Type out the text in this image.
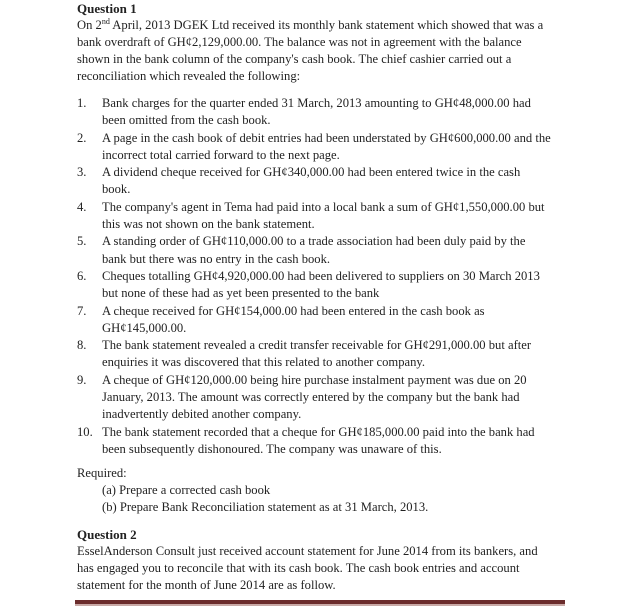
Question 1
On 2nd April, 2013 DGEK Ltd received its monthly bank statement which showed that was a
bank overdraft of GH¢2,129,000.00. The balance was not in agreement with the balance
shown in the bank column of the company's cash book. The chief cashier carried out a
reconciliation which revealed the following:
1. Bank charges for the quarter ended 31 March, 2013 amounting to GH¢48,000.00 had
been omitted from the cash book.
2. A page in the cash book of debit entries had been understated by GH¢600,000.00 and the
incorrect total carried forward to the next page.
3. A dividend cheque received for GH¢340,000.00 had been entered twice in the cash
book.
4. The company's agent in Tema had paid into a local bank a sum of GH¢1,550,000.00 but
this was not shown on the bank statement.
5. A standing order of GH¢110,000.00 to a trade association had been duly paid by the
bank but there was no entry in the cash book.
6. Cheques totalling GH¢4,920,000.00 had been delivered to suppliers on 30 March 2013
but none of these had as yet been presented to the bank
7. A cheque received for GH¢154,000.00 had been entered in the cash book as
GH¢145,000.00.
8. The bank statement revealed a credit transfer receivable for GH¢291,000.00 but after
enquiries it was discovered that this related to another company.
9. A cheque of GH¢120,000.00 being hire purchase instalment payment was due on 20
January, 2013. The amount was correctly entered by the company but the bank had
inadvertently debited another company.
10. The bank statement recorded that a cheque for GH¢185,000.00 paid into the bank had
been subsequently dishonoured. The company was unaware of this.
Required:
(a) Prepare a corrected cash book
(b) Prepare Bank Reconciliation statement as at 31 March, 2013.
Question 2
EsselAnderson Consult just received account statement for June 2014 from its bankers, and
has engaged you to reconcile that with its cash book. The cash book entries and account
statement for the month of June 2014 are as follow.
